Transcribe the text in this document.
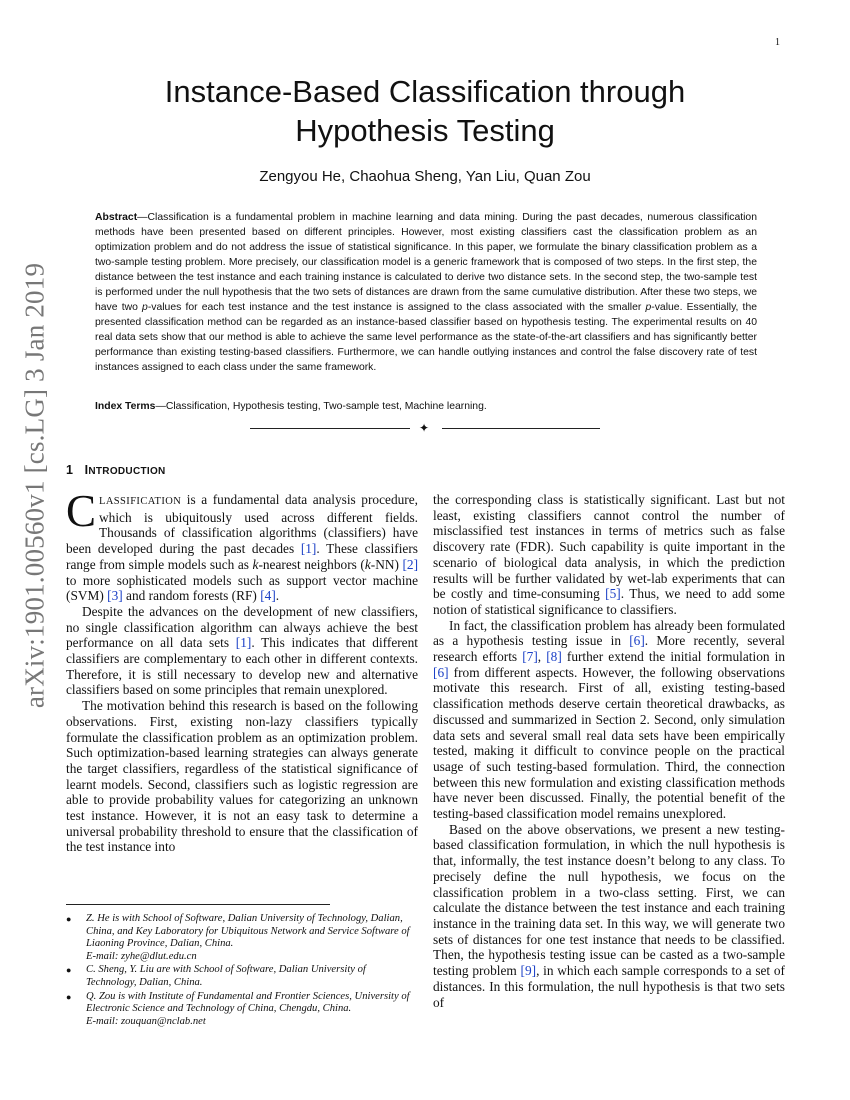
1
arXiv:1901.00560v1 [cs.LG] 3 Jan 2019
Instance-Based Classification through
Hypothesis Testing
Zengyou He, Chaohua Sheng, Yan Liu, Quan Zou

Abstract—Classification is a fundamental problem in machine learning and data mining. During the past decades, numerous classification methods have been presented based on different principles. However, most existing classifiers cast the classification problem as an optimization problem and do not address the issue of statistical significance. In this paper, we formulate the binary classification problem as a two-sample testing problem. More precisely, our classification model is a generic framework that is composed of two steps. In the first step, the distance between the test instance and each training instance is calculated to derive two distance sets. In the second step, the two-sample test is performed under the null hypothesis that the two sets of distances are drawn from the same cumulative distribution. After these two steps, we have two p-values for each test instance and the test instance is assigned to the class associated with the smaller p-value. Essentially, the presented classification method can be regarded as an instance-based classifier based on hypothesis testing. The experimental results on 40 real data sets show that our method is able to achieve the same level performance as the state-of-the-art classifiers and has significantly better performance than existing testing-based classifiers. Furthermore, we can handle outlying instances and control the false discovery rate of test instances assigned to each class under the same framework.

Index Terms—Classification, Hypothesis testing, Two-sample test, Machine learning.

✦
1 INTRODUCTION

CLASSIFICATION is a fundamental data analysis procedure, which is ubiquitously used across different fields. Thousands of classification algorithms (classifiers) have been developed during the past decades [1]. These classifiers range from simple models such as k-nearest neighbors (k-NN) [2] to more sophisticated models such as support vector machine (SVM) [3] and random forests (RF) [4].

Despite the advances on the development of new classifiers, no single classification algorithm can always achieve the best performance on all data sets [1]. This indicates that different classifiers are complementary to each other in different contexts. Therefore, it is still necessary to develop new and alternative classifiers based on some principles that remain unexplored.

The motivation behind this research is based on the following observations. First, existing non-lazy classifiers typically formulate the classification problem as an optimization problem. Such optimization-based learning strategies can always generate the target classifiers, regardless of the statistical significance of learnt models. Second, classifiers such as logistic regression are able to provide probability values for categorizing an unknown test instance. However, it is not an easy task to determine a universal probability threshold to ensure that the classification of the test instance into

● Z. He is with School of Software, Dalian University of Technology, Dalian, China, and Key Laboratory for Ubiquitous Network and Service Software of Liaoning Province, Dalian, China.
E-mail: zyhe@dlut.edu.cn
● C. Sheng, Y. Liu are with School of Software, Dalian University of Technology, Dalian, China.
● Q. Zou is with Institute of Fundamental and Frontier Sciences, University of Electronic Science and Technology of China, Chengdu, China.
E-mail: zouquan@nclab.net

the corresponding class is statistically significant. Last but not least, existing classifiers cannot control the number of misclassified test instances in terms of metrics such as false discovery rate (FDR). Such capability is quite important in the scenario of biological data analysis, in which the prediction results will be further validated by wet-lab experiments that can be costly and time-consuming [5]. Thus, we need to add some notion of statistical significance to classifiers.

In fact, the classification problem has already been formulated as a hypothesis testing issue in [6]. More recently, several research efforts [7], [8] further extend the initial formulation in [6] from different aspects. However, the following observations motivate this research. First of all, existing testing-based classification methods deserve certain theoretical drawbacks, as discussed and summarized in Section 2. Second, only simulation data sets and several small real data sets have been empirically tested, making it difficult to convince people on the practical usage of such testing-based formulation. Third, the connection between this new formulation and existing classification methods have never been discussed. Finally, the potential benefit of the testing-based classification model remains unexplored.

Based on the above observations, we present a new testing-based classification formulation, in which the null hypothesis is that, informally, the test instance doesn’t belong to any class. To precisely define the null hypothesis, we focus on the classification problem in a two-class setting. First, we can calculate the distance between the test instance and each training instance in the training data set. In this way, we will generate two sets of distances for one test instance that needs to be classified. Then, the hypothesis testing issue can be casted as a two-sample testing problem [9], in which each sample corresponds to a set of distances. In this formulation, the null hypothesis is that two sets of
